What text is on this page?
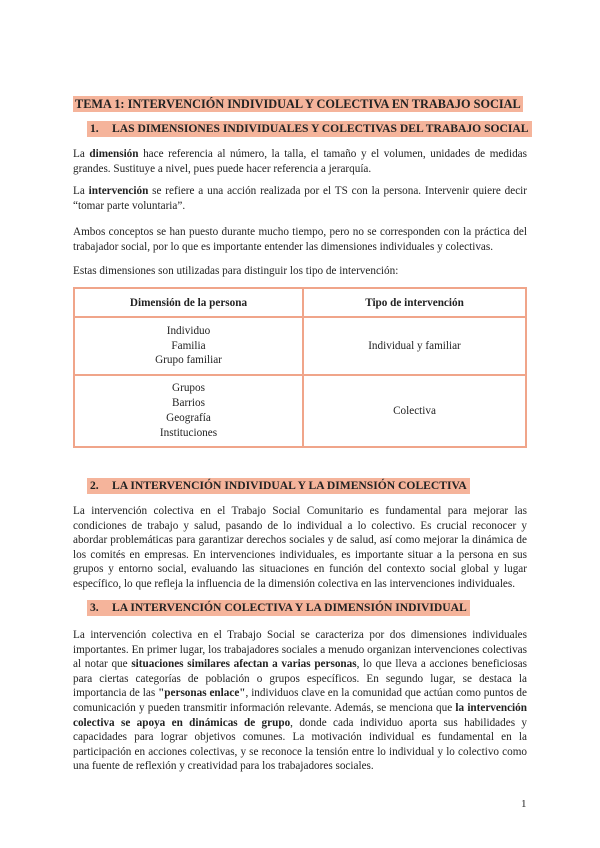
TEMA 1: INTERVENCIÓN INDIVIDUAL Y COLECTIVA EN TRABAJO SOCIAL
1. LAS DIMENSIONES INDIVIDUALES Y COLECTIVAS DEL TRABAJO SOCIAL
La dimensión hace referencia al número, la talla, el tamaño y el volumen, unidades de medidas grandes. Sustituye a nivel, pues puede hacer referencia a jerarquía.
La intervención se refiere a una acción realizada por el TS con la persona. Intervenir quiere decir “tomar parte voluntaria”.
Ambos conceptos se han puesto durante mucho tiempo, pero no se corresponden con la práctica del trabajador social, por lo que es importante entender las dimensiones individuales y colectivas.
Estas dimensiones son utilizadas para distinguir los tipo de intervención:
Dimensión de la persona	Tipo de intervención

Individuo
Familia
Grupo familiar	Individual y familiar

Grupos
Barrios
Geografía
Instituciones	Colectiva
2. LA INTERVENCIÓN INDIVIDUAL Y LA DIMENSIÓN COLECTIVA
La intervención colectiva en el Trabajo Social Comunitario es fundamental para mejorar las condiciones de trabajo y salud, pasando de lo individual a lo colectivo. Es crucial reconocer y abordar problemáticas para garantizar derechos sociales y de salud, así como mejorar la dinámica de los comités en empresas. En intervenciones individuales, es importante situar a la persona en sus grupos y entorno social, evaluando las situaciones en función del contexto social global y lugar específico, lo que refleja la influencia de la dimensión colectiva en las intervenciones individuales.
3. LA INTERVENCIÓN COLECTIVA Y LA DIMENSIÓN INDIVIDUAL
La intervención colectiva en el Trabajo Social se caracteriza por dos dimensiones individuales importantes. En primer lugar, los trabajadores sociales a menudo organizan intervenciones colectivas al notar que situaciones similares afectan a varias personas, lo que lleva a acciones beneficiosas para ciertas categorías de población o grupos específicos. En segundo lugar, se destaca la importancia de las "personas enlace", individuos clave en la comunidad que actúan como puntos de comunicación y pueden transmitir información relevante. Además, se menciona que la intervención colectiva se apoya en dinámicas de grupo, donde cada individuo aporta sus habilidades y capacidades para lograr objetivos comunes. La motivación individual es fundamental en la participación en acciones colectivas, y se reconoce la tensión entre lo individual y lo colectivo como una fuente de reflexión y creatividad para los trabajadores sociales.
1
